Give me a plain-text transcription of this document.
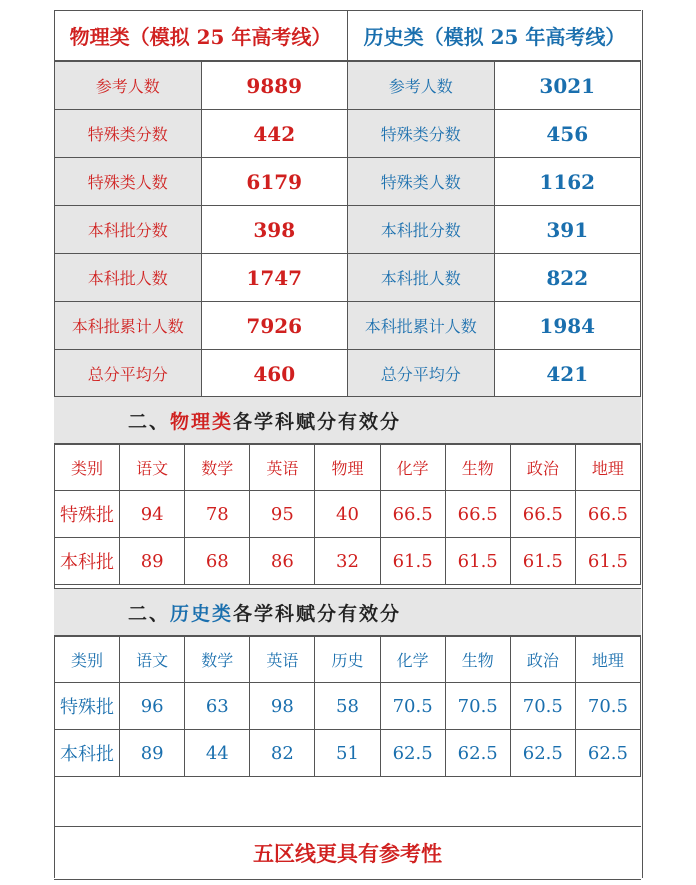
物理类（模拟 25 年高考线）	历史类（模拟 25 年高考线）
参考人数	9889	参考人数	3021
特殊类分数	442	特殊类分数	456
特殊类人数	6179	特殊类人数	1162
本科批分数	398	本科批分数	391
本科批人数	1747	本科批人数	822
本科批累计人数	7926	本科批累计人数	1984
总分平均分	460	总分平均分	421
二、 物理类 各学科赋分有效分
类别	语文	数学	英语	物理	化学	生物	政治	地理
特殊批	94	78	95	40	66.5	66.5	66.5	66.5
本科批	89	68	86	32	61.5	61.5	61.5	61.5
二、 历史类 各学科赋分有效分
类别	语文	数学	英语	历史	化学	生物	政治	地理
特殊批	96	63	98	58	70.5	70.5	70.5	70.5
本科批	89	44	82	51	62.5	62.5	62.5	62.5
五区线更具有参考性
